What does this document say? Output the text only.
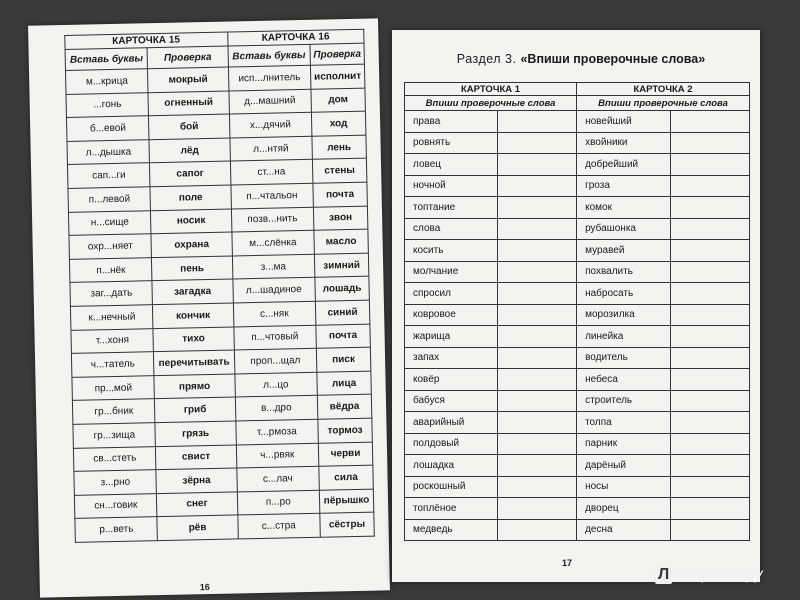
КАРТОЧКА 15		КАРТОЧКА 16	
Вставь буквы	Проверка	Вставь буквы	Проверка
м...крица	мокрый	исп...лнитель	исполнит
...гонь	огненный	д...машний	дом
б...евой	бой	х...дячий	ход
л...дышка	лёд	л...нтяй	лень
сап...ги	сапог	ст...на	стены
п...левой	поле	п...чтальон	почта
н...сище	носик	позв...нить	звон
охр...няет	охрана	м...слёнка	масло
п...нёк	пень	з...ма	зимний
заг...дать	загадка	л...шадиное	лошадь
к...нечный	кончик	с...няк	синий
т...хоня	тихо	п...чтовый	почта
ч...татель	перечитывать	проп...щал	писк
пр...мой	прямо	л...цо	лица
гр...бник	гриб	в...дро	вёдра
гр...зища	грязь	т...рмоза	тормоз
св...стеть	свист	ч...рвяк	черви
з...рно	зёрна	с...лач	сила
сн...говик	снег	п...ро	пёрышко
р...веть	рёв	с...стра	сёстры
16
Раздел 3. «Впиши проверочные слова»
КАРТОЧКА 1		КАРТОЧКА 2	
Впиши проверочные слова		Впиши проверочные слова	
права		новейший	
ровнять		хвойники	
ловец		добрейший	
ночной		гроза	
топтание		комок	
слова		рубашонка	
косить		муравей	
молчание		похвалить	
спросил		набросать	
ковровое		морозилка	
жарища		линейка	
запах		водитель	
ковёр		небеса	
бабуся		строитель	
аварийный		толпа	
полдовый		парник	
лошадка		дарёный	
роскошный		носы	
топлёное		дворец	
медведь		десна	
17
Л абиринт.ру
